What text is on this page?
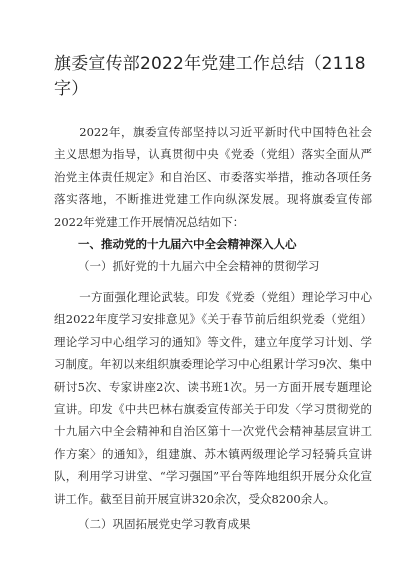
旗委宣传部2022年党建工作总结（2118字）

2022年，旗委宣传部坚持以习近平新时代中国特色社会主义思想为指导，认真贯彻中央《党委（党组）落实全面从严治党主体责任规定》和自治区、市委落实举措，推动各项任务落实落地，不断推进党建工作向纵深发展。现将旗委宣传部2022年党建工作开展情况总结如下：

一、推动党的十九届六中全会精神深入人心

（一）抓好党的十九届六中全会精神的贯彻学习

一方面强化理论武装。印发《党委（党组）理论学习中心组2022年度学习安排意见》《关于春节前后组织党委（党组）理论学习中心组学习的通知》等文件，建立年度学习计划、学习制度。年初以来组织旗委理论学习中心组累计学习9次、集中研讨5次、专家讲座2次、读书班1次。另一方面开展专题理论宣讲。印发《中共巴林右旗委宣传部关于印发〈学习贯彻党的十九届六中全会精神和自治区第十一次党代会精神基层宣讲工作方案〉的通知》，组建旗、苏木镇两级理论学习轻骑兵宣讲队，利用学习讲堂、“学习强国”平台等阵地组织开展分众化宣讲工作。截至目前开展宣讲320余次，受众8200余人。

（二）巩固拓展党史学习教育成果
